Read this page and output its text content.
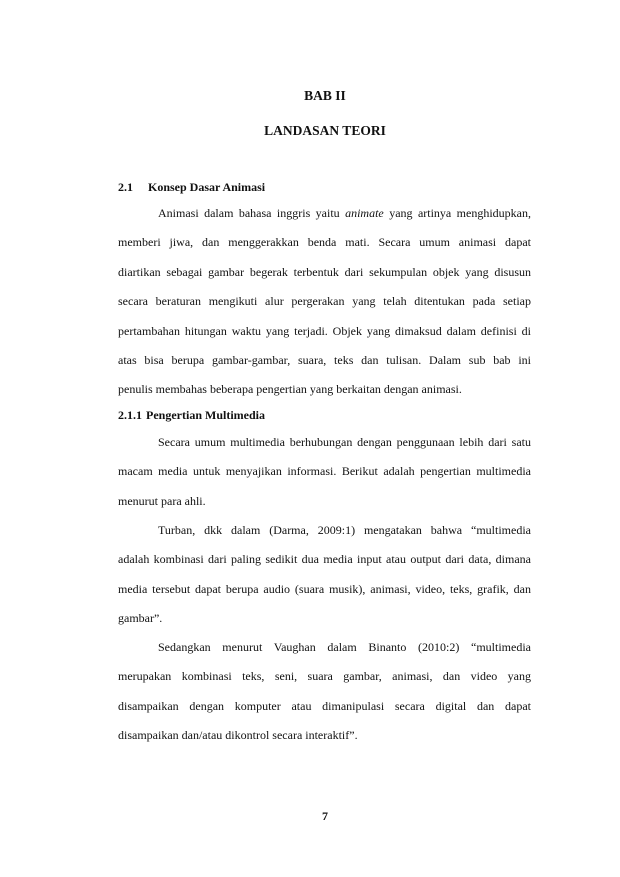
BAB II
LANDASAN TEORI
2.1 Konsep Dasar Animasi
Animasi dalam bahasa inggris yaitu animate yang artinya menghidupkan,
memberi jiwa, dan menggerakkan benda mati. Secara umum animasi dapat
diartikan sebagai gambar begerak terbentuk dari sekumpulan objek yang disusun
secara beraturan mengikuti alur pergerakan yang telah ditentukan pada setiap
pertambahan hitungan waktu yang terjadi. Objek yang dimaksud dalam definisi di
atas bisa berupa gambar-gambar, suara, teks dan tulisan. Dalam sub bab ini
penulis membahas beberapa pengertian yang berkaitan dengan animasi.
2.1.1 Pengertian Multimedia
Secara umum multimedia berhubungan dengan penggunaan lebih dari satu
macam media untuk menyajikan informasi. Berikut adalah pengertian multimedia
menurut para ahli.
Turban, dkk dalam (Darma, 2009:1) mengatakan bahwa “multimedia
adalah kombinasi dari paling sedikit dua media input atau output dari data, dimana
media tersebut dapat berupa audio (suara musik), animasi, video, teks, grafik, dan
gambar”.
Sedangkan menurut Vaughan dalam Binanto (2010:2) “multimedia
merupakan kombinasi teks, seni, suara gambar, animasi, dan video yang
disampaikan dengan komputer atau dimanipulasi secara digital dan dapat
disampaikan dan/atau dikontrol secara interaktif”.
7
